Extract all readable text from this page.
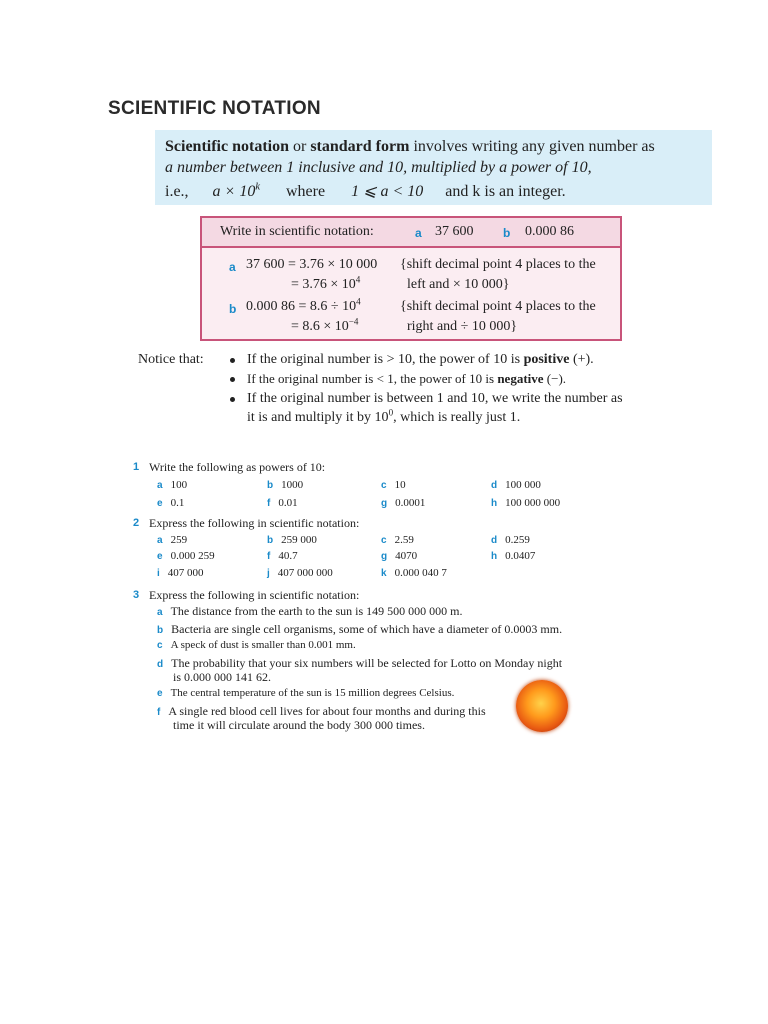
SCIENTIFIC NOTATION
Scientific notation or standard form involves writing any given number as
a number between 1 inclusive and 10, multiplied by a power of 10,
i.e., $a \times 10^k$ where 1 ⩽ a < 10 and k is an integer.
Write in scientific notation:	a 37 600 b 0.000 86
a 37 600 = 3.76 × 10 000 {shift decimal point 4 places to the
= $3.76 \times 10^4$	left and × 10 000}
b 0.000 $86 = 8.6 \div 10^4$	{shift decimal point 4 places to the
= $8.6 \times 10^{-4}$	right and ÷ 10 000}
Notice that:	If the original number is > 10, the power of 10 is positive (+).
If the original number is < 1, the power of 10 is negative (−).
If the original number is between 1 and 10, we write the number as
it is and multiply it by $10^0$, which is really just 1.
1 Write the following as powers of 10:
a 100	b 1000	c 10	d 100 000
e 0.1	f 0.01	g 0.0001	h 100 000 000
2 Express the following in scientific notation:
a 259	b 259 000	c 2.59	d 0.259
e 0.000 259	f 40.7	g 4070	h 0.0407
i 407 000	j 407 000 000	k 0.000 040 7
3 Express the following in scientific notation:
a The distance from the earth to the sun is 149 500 000 000 m.
b Bacteria are single cell organisms, some of which have a diameter of 0.0003 mm.
c A speck of dust is smaller than 0.001 mm.
d The probability that your six numbers will be selected for Lotto on Monday night
is 0.000 000 141 62.
e The central temperature of the sun is 15 million degrees Celsius.
f A single red blood cell lives for about four months and during this
time it will circulate around the body 300 000 times.
